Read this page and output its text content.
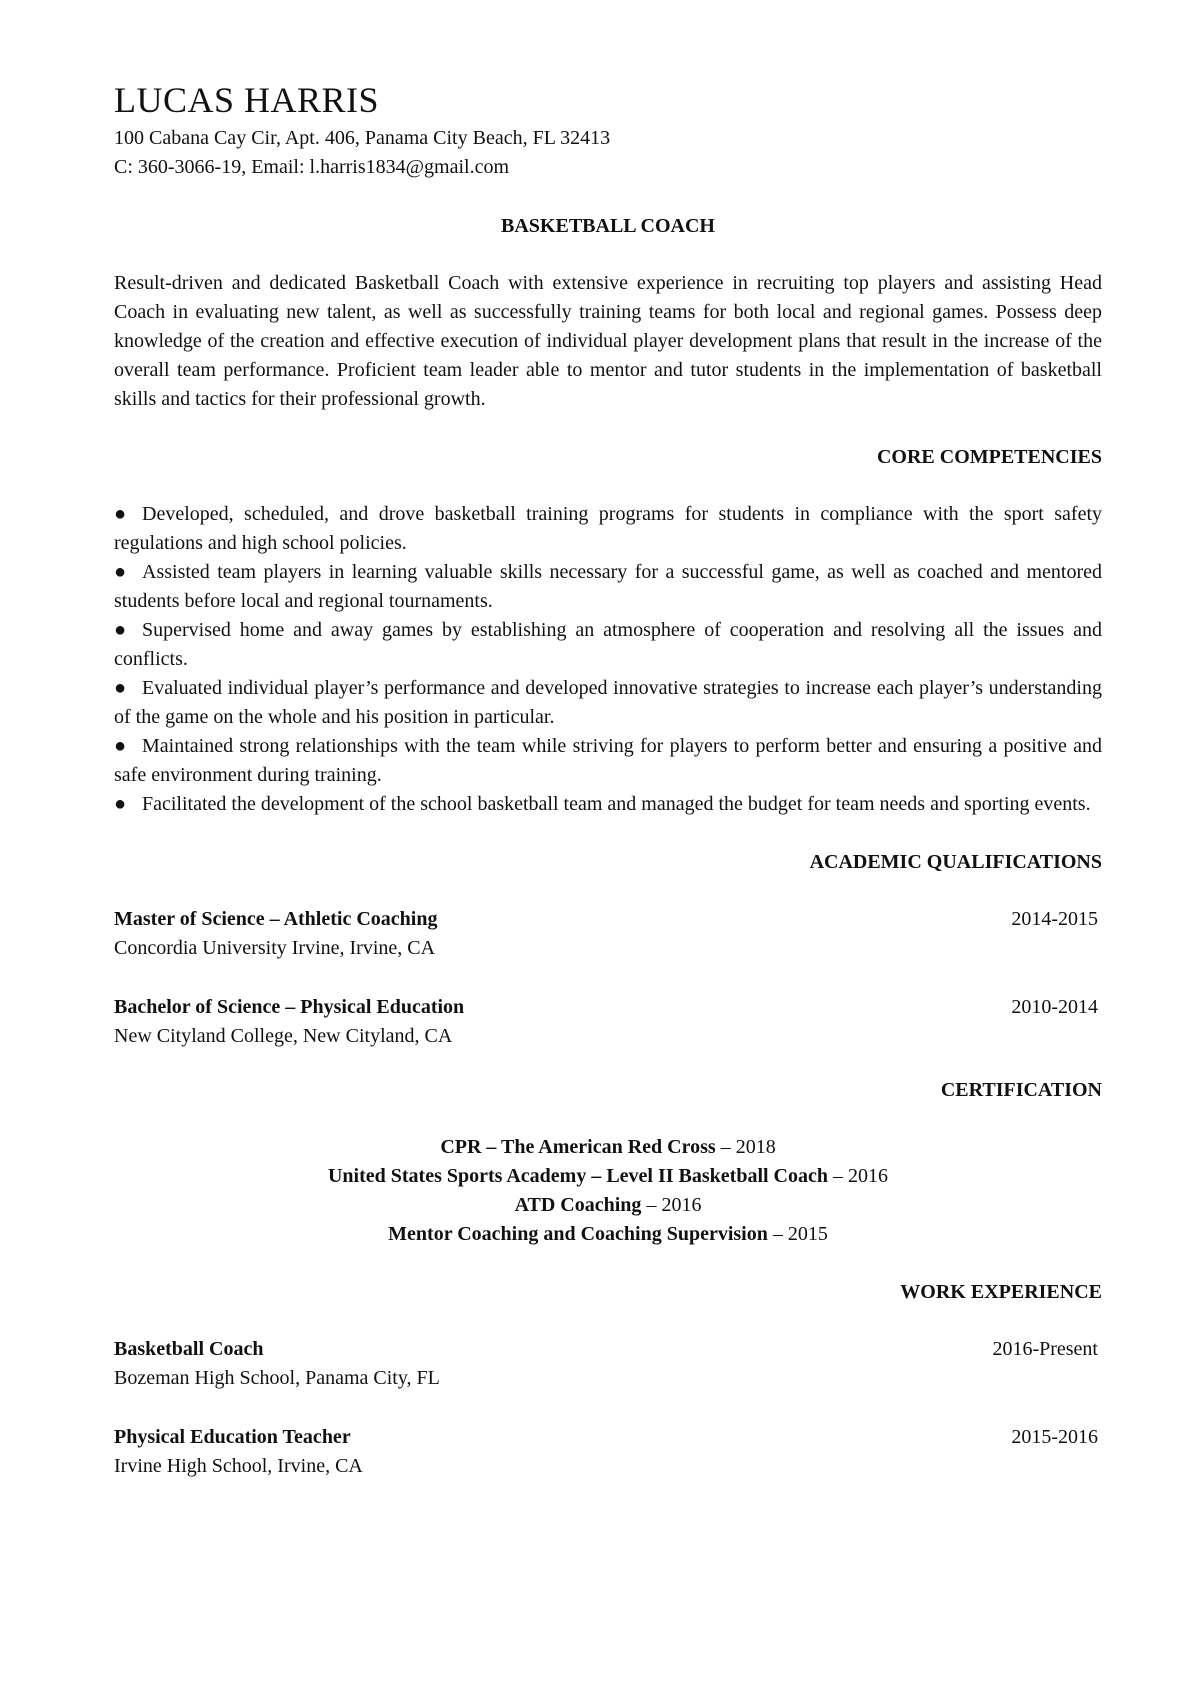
LUCAS HARRIS
100 Cabana Cay Cir, Apt. 406, Panama City Beach, FL 32413
C: 360-3066-19, Email: l.harris1834@gmail.com
BASKETBALL COACH

Result-driven and dedicated Basketball Coach with extensive experience in recruiting top players and assisting Head Coach in evaluating new talent, as well as successfully training teams for both local and regional games. Possess deep knowledge of the creation and effective execution of individual player development plans that result in the increase of the overall team performance. Proficient team leader able to mentor and tutor students in the implementation of basketball skills and tactics for their professional growth.

CORE COMPETENCIES
● Developed, scheduled, and drove basketball training programs for students in compliance with the sport safety regulations and high school policies.
● Assisted team players in learning valuable skills necessary for a successful game, as well as coached and mentored students before local and regional tournaments.
● Supervised home and away games by establishing an atmosphere of cooperation and resolving all the issues and conflicts.
● Evaluated individual player’s performance and developed innovative strategies to increase each player’s understanding of the game on the whole and his position in particular.
● Maintained strong relationships with the team while striving for players to perform better and ensuring a positive and safe environment during training.
● Facilitated the development of the school basketball team and managed the budget for team needs and sporting events.
ACADEMIC QUALIFICATIONS
Master of Science – Athletic Coaching	2014-2015
Concordia University Irvine, Irvine, CA
Bachelor of Science – Physical Education	2010-2014
New Cityland College, New Cityland, CA
CERTIFICATION
CPR – The American Red Cross – 2018
United States Sports Academy – Level II Basketball Coach – 2016
ATD Coaching – 2016
Mentor Coaching and Coaching Supervision – 2015
WORK EXPERIENCE
Basketball Coach	2016-Present
Bozeman High School, Panama City, FL
Physical Education Teacher	2015-2016
Irvine High School, Irvine, CA
